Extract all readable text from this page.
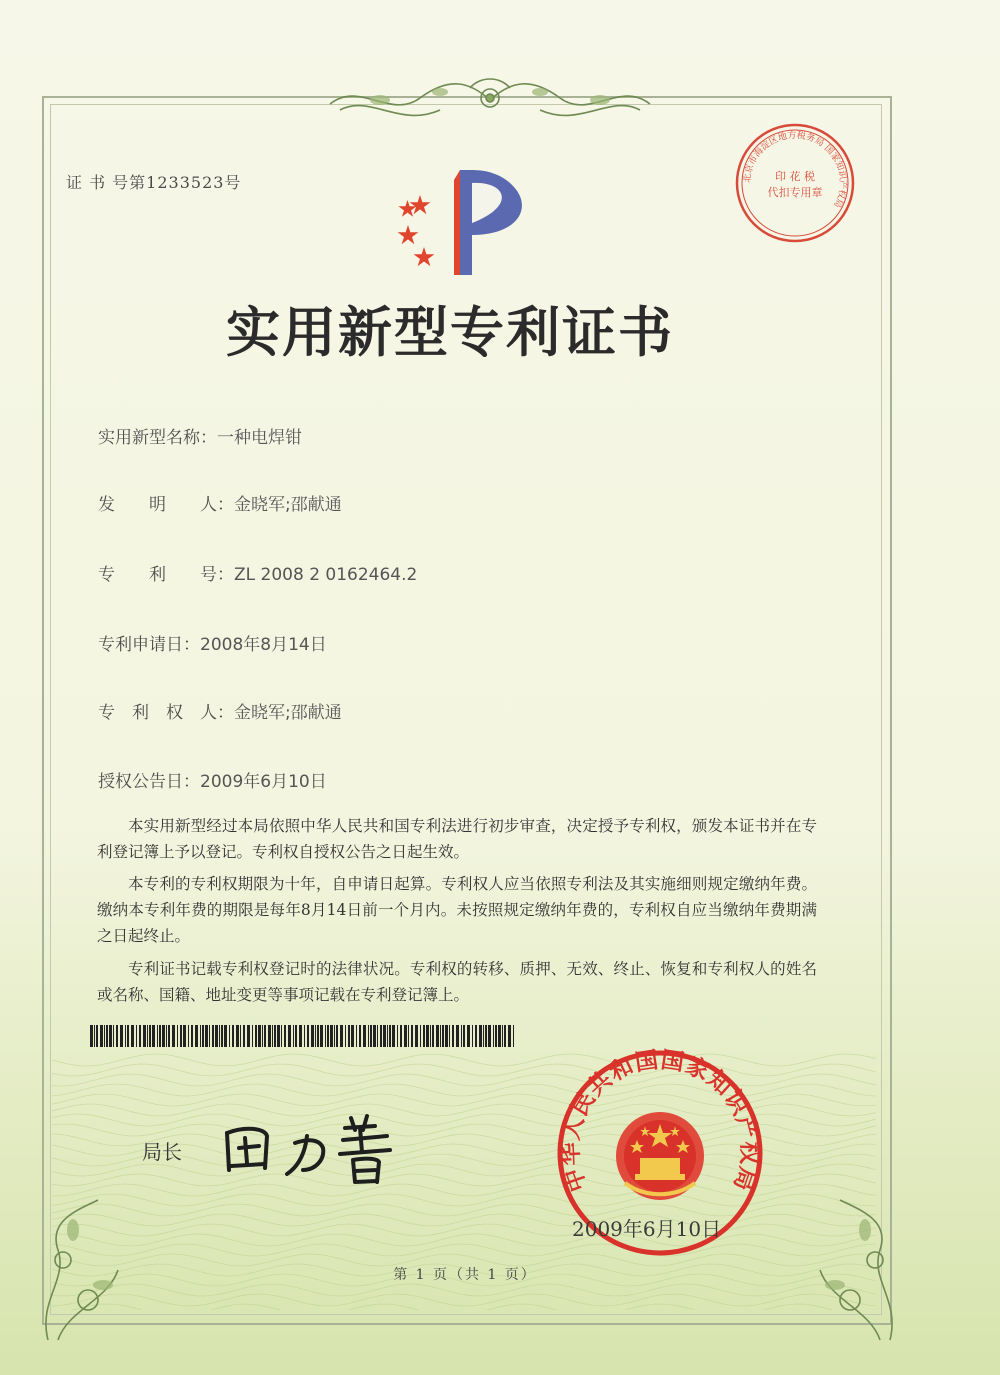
证 书 号第1233523号	北京市海淀区地方税务局 国家知识产权局
印 花 税
代扣专用章
实用新型专利证书
实用新型名称：一种电焊钳
发　　明　　人：金晓军;邵献通
专　　利　　号：ZL 2008 2 0162464.2
专利申请日：2008年8月14日
专　利　权　人：金晓军;邵献通
授权公告日：2009年6月10日
本实用新型经过本局依照中华人民共和国专利法进行初步审查，决定授予专利权，颁发本证书并在专利登记簿上予以登记。专利权自授权公告之日起生效。
本专利的专利权期限为十年，自申请日起算。专利权人应当依照专利法及其实施细则规定缴纳年费。缴纳本专利年费的期限是每年8月14日前一个月内。未按照规定缴纳年费的，专利权自应当缴纳年费期满之日起终止。
专利证书记载专利权登记时的法律状况。专利权的转移、质押、无效、终止、恢复和专利权人的姓名或名称、国籍、地址变更等事项记载在专利登记簿上。
局长
中华人民共和国国家知识产权局
2009年6月10日
第 1 页（共 1 页）
